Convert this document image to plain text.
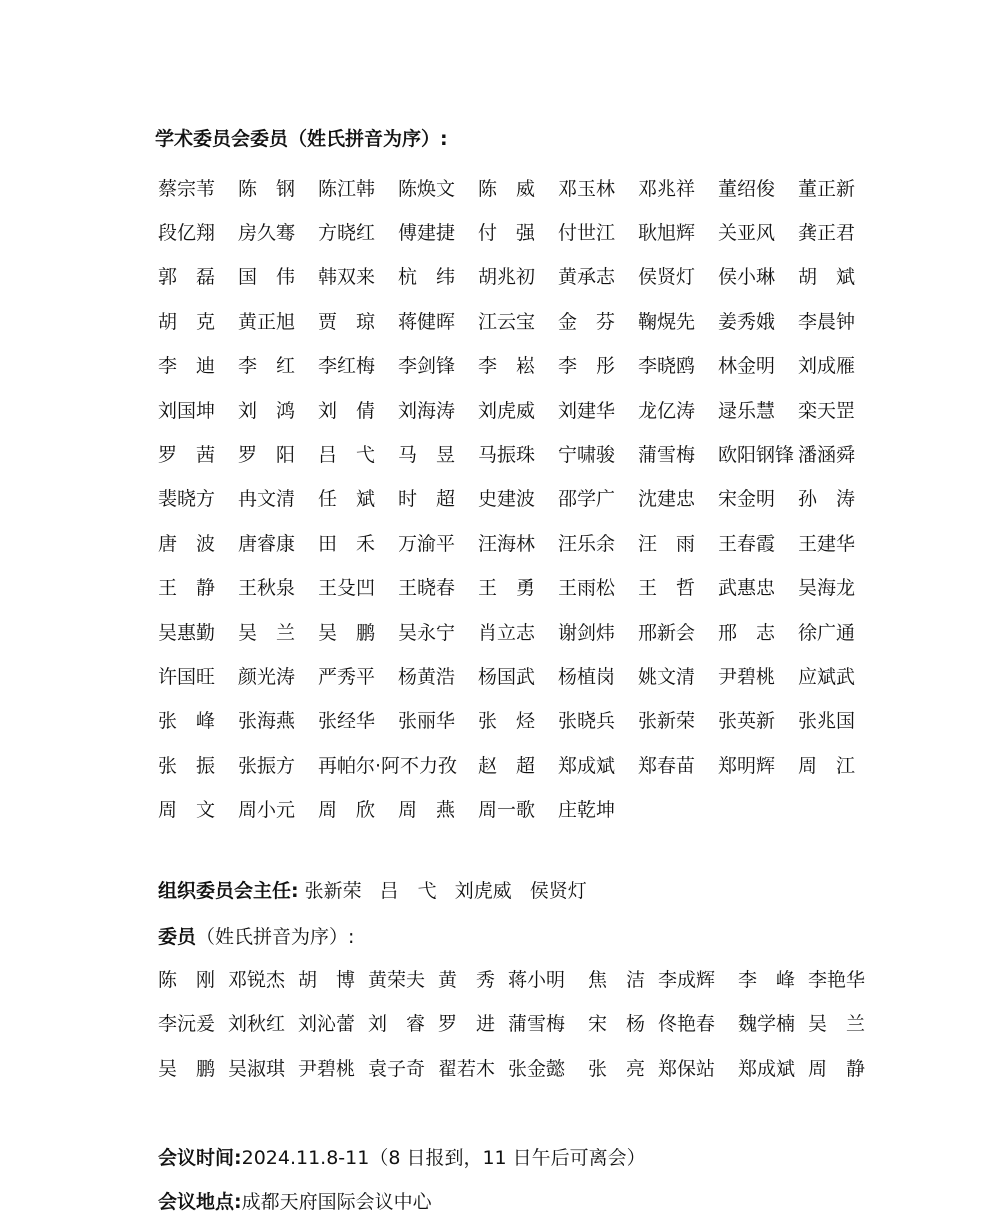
学术委员会委员（姓氏拼音为序）:
蔡宗苇	陈　钢	陈江韩	陈焕文	陈　威	邓玉林	邓兆祥	董绍俊	董正新
段亿翔	房久骞	方晓红	傅建捷	付　强	付世江	耿旭辉	关亚风	龚正君
郭　磊	国　伟	韩双来	杭　纬	胡兆初	黄承志	侯贤灯	侯小琳	胡　斌
胡　克	黄正旭	贾　琼	蒋健晖	江云宝	金　芬	鞠熀先	姜秀娥	李晨钟
李　迪	李　红	李红梅	李剑锋	李　崧	李　彤	李晓鸥	林金明	刘成雁
刘国坤	刘　鸿	刘　倩	刘海涛	刘虎威	刘建华	龙亿涛	逯乐慧	栾天罡
罗　茜	罗　阳	吕　弋	马　昱	马振珠	宁啸骏	蒲雪梅	欧阳钢锋 潘涵舜
裴晓方	冉文清	任　斌	时　超	史建波	邵学广	沈建忠	宋金明	孙　涛
唐　波	唐睿康	田　禾	万渝平	汪海林	汪乐余	汪　雨	王春霞	王建华
王　静	王秋泉	王殳凹	王晓春	王　勇	王雨松	王　哲	武惠忠	吴海龙
吴惠勤	吴　兰	吴　鹏	吴永宁	肖立志	谢剑炜	邢新会	邢　志	徐广通
许国旺	颜光涛	严秀平	杨黄浩	杨国武	杨植岗	姚文清	尹碧桃	应斌武
张　峰	张海燕	张经华	张丽华	张　烃	张晓兵	张新荣	张英新	张兆国
张　振	张振方	再帕尔·阿不力孜	赵　超	郑成斌	郑春苗	郑明辉	周　江
周　文	周小元	周　欣	周　燕	周一歌	庄乾坤
组织委员会主任: 张新荣 吕　弋 刘虎威 侯贤灯
委员（姓氏拼音为序）:
陈　刚 邓锐杰 胡　博 黄荣夫 黄　秀 蒋小明 焦　洁 李成辉 李　峰 李艳华
李沅爰 刘秋红 刘沁蕾 刘　睿 罗　进 蒲雪梅 宋　杨 佟艳春 魏学楠 吴　兰
吴　鹏 吴淑琪 尹碧桃 袁子奇 翟若木 张金懿 张　亮 郑保站 郑成斌 周　静
会议时间:2024.11.8-11（8 日报到，11 日午后可离会）
会议地点:成都天府国际会议中心
